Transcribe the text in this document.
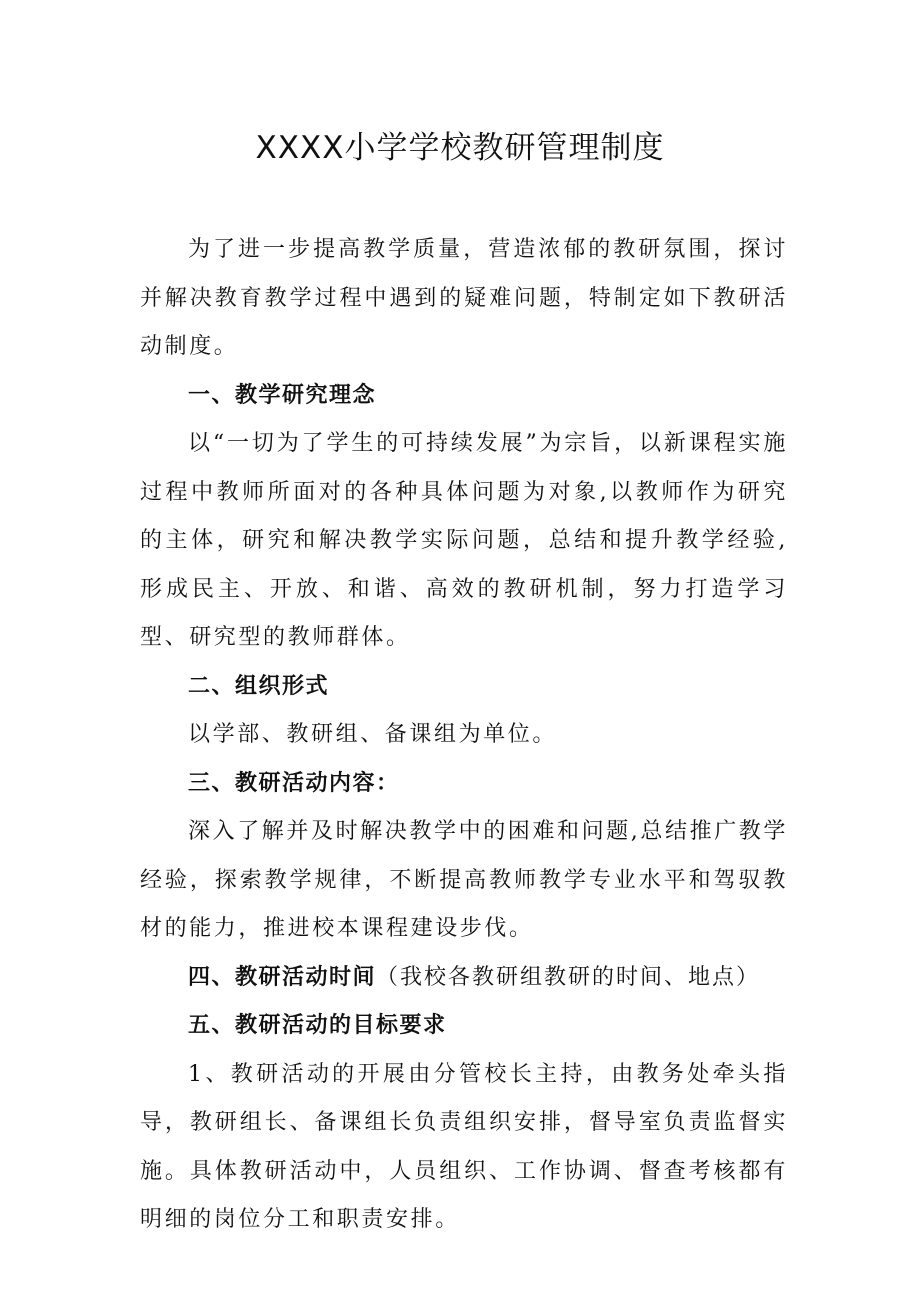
XXXX小学学校教研管理制度

为了进一步提高教学质量，营造浓郁的教研氛围，探讨并解决教育教学过程中遇到的疑难问题，特制定如下教研活动制度。

一、教学研究理念

以“一切为了学生的可持续发展”为宗旨，以新课程实施过程中教师所面对的各种具体问题为对象,以教师作为研究的主体，研究和解决教学实际问题，总结和提升教学经验,形成民主、开放、和谐、高效的教研机制，努力打造学习型、研究型的教师群体。

二、组织形式

以学部、教研组、备课组为单位。

三、教研活动内容：

深入了解并及时解决教学中的困难和问题,总结推广教学经验，探索教学规律，不断提高教师教学专业水平和驾驭教材的能力，推进校本课程建设步伐。

四、教研活动时间（我校各教研组教研的时间、地点）

五、教研活动的目标要求

1、教研活动的开展由分管校长主持，由教务处牵头指导，教研组长、备课组长负责组织安排，督导室负责监督实施。具体教研活动中，人员组织、工作协调、督查考核都有明细的岗位分工和职责安排。
